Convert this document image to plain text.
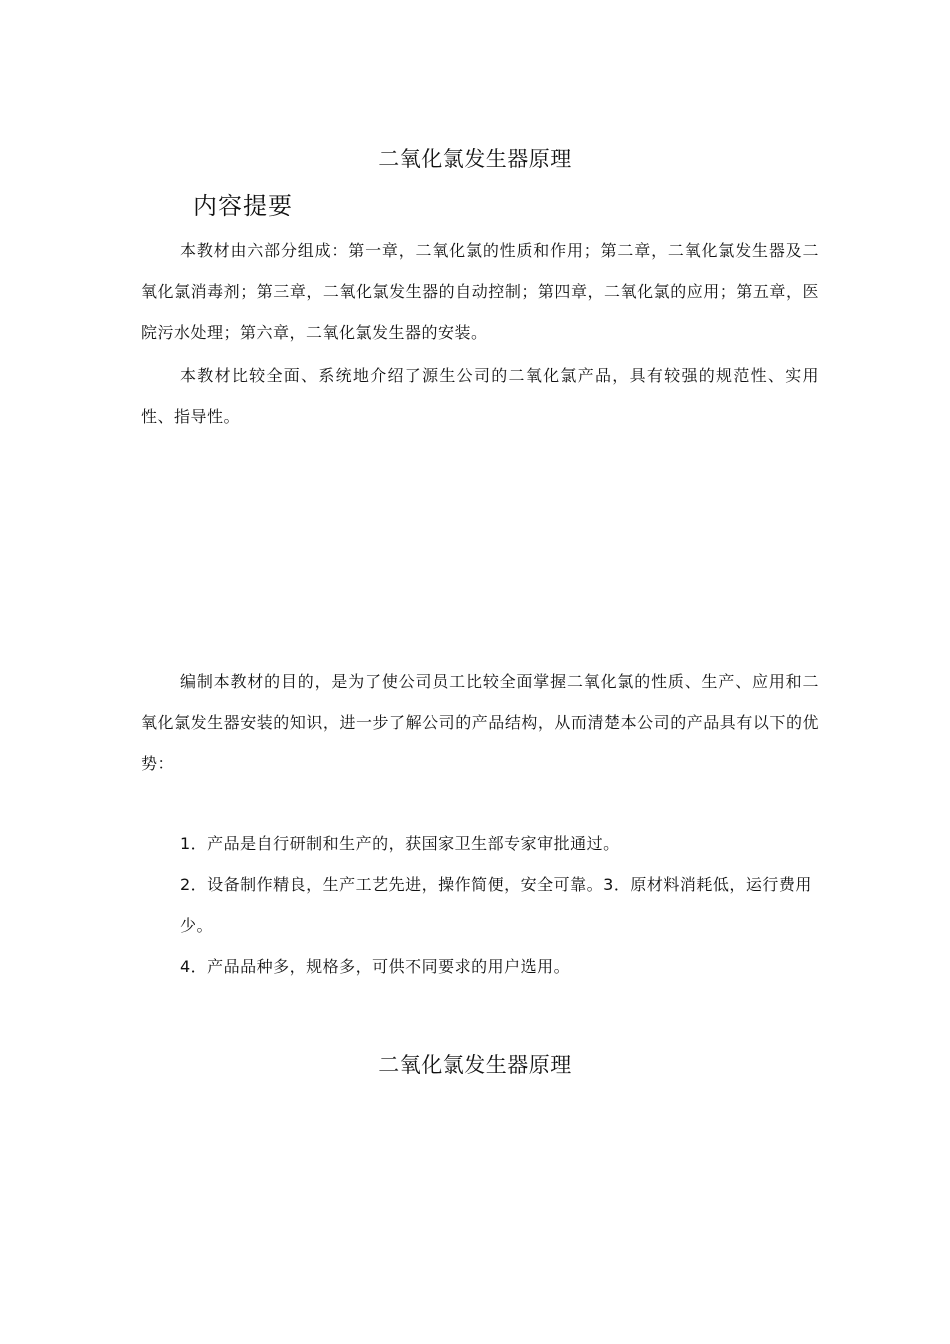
二氧化氯发生器原理
内容提要
本教材由六部分组成：第一章，二氧化氯的性质和作用；第二章，二氧化氯发生器及二氧化氯消毒剂；第三章，二氧化氯发生器的自动控制；第四章，二氧化氯的应用；第五章，医院污水处理；第六章，二氧化氯发生器的安装。
本教材比较全面、系统地介绍了源生公司的二氧化氯产品，具有较强的规范性、实用性、指导性。
编制本教材的目的，是为了使公司员工比较全面掌握二氧化氯的性质、生产、应用和二氧化氯发生器安装的知识，进一步了解公司的产品结构，从而清楚本公司的产品具有以下的优势：

1．产品是自行研制和生产的，获国家卫生部专家审批通过。

2．设备制作精良，生产工艺先进，操作简便，安全可靠。3．原材料消耗低，运行费用少。

4．产品品种多，规格多，可供不同要求的用户选用。

二氧化氯发生器原理
